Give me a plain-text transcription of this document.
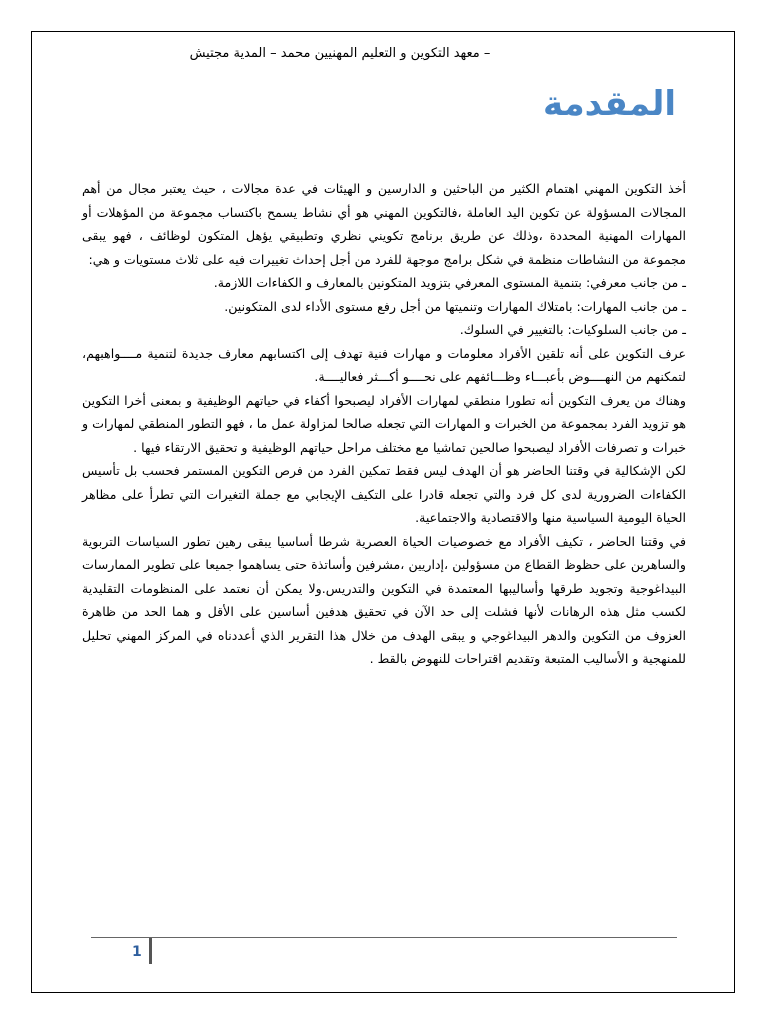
– معهد التكوين و التعليم المهنيين محمد – المدية مجتيش
المقدمة

أخذ التكوين المهني اهتمام الكثير من الباحثين و الدارسين و الهيئات في عدة مجالات ، حيث يعتبر مجال من أهم المجالات المسؤولة عن تكوين اليد العاملة ،فالتكوين المهني هو أي نشاط يسمح باكتساب مجموعة من المؤهلات أو المهارات المهنية المحددة ،وذلك عن طريق برنامج تكويني نظري وتطبيقي يؤهل المتكون لوظائف ، فهو يبقى مجموعة من النشاطات منظمة في شكل برامج موجهة للفرد من أجل إحداث تغييرات فيه على ثلاث مستويات و هي:

ـ من جانب معرفي: بتنمية المستوى المعرفي بتزويد المتكونين بالمعارف و الكفاءات اللازمة.

ـ من جانب المهارات: بامتلاك المهارات وتنميتها من أجل رفع مستوى الأداء لدى المتكونين.

ـ من جانب السلوكيات: بالتغيير في السلوك.

عرف التكوين على أنه تلقين الأفراد معلومات و مهارات فنية تهدف إلى اكتسابهم معارف جديدة لتنمية مــــواهبهم، لتمكنهم من النهــــوض بأعبـــاء وظـــائفهم على نحــــو أكـــثر فعاليــــة.

وهناك من يعرف التكوين أنه تطورا منطقي لمهارات الأفراد ليصبحوا أكفاء في حياتهم الوظيفية و بمعنى أخرا التكوين هو تزويد الفرد بمجموعة من الخبرات و المهارات التي تجعله صالحا لمزاولة عمل ما ، فهو التطور المنطقي لمهارات و خبرات و تصرفات الأفراد ليصبحوا صالحين تماشيا مع مختلف مراحل حياتهم الوظيفية و تحقيق الارتقاء فيها .

لكن الإشكالية في وقتنا الحاضر هو أن الهدف ليس فقط تمكين الفرد من فرص التكوين المستمر فحسب بل تأسيس الكفاءات الضرورية لدى كل فرد والتي تجعله قادرا على التكيف الإيجابي مع جملة التغيرات التي تطرأ على مظاهر الحياة اليومية السياسية منها والاقتصادية والاجتماعية.

في وقتنا الحاضر ، تكيف الأفراد مع خصوصيات الحياة العصرية شرطا أساسيا يبقى رهين تطور السياسات التربوية والساهرين على حظوظ القطاع من مسؤولين ،إداريين ،مشرفين وأساتذة حتى يساهموا جميعا على تطوير الممارسات البيداغوجية وتجويد طرقها وأساليبها المعتمدة في التكوين والتدريس.ولا يمكن أن نعتمد على المنظومات التقليدية لكسب مثل هذه الرهانات لأنها فشلت إلى حد الآن في تحقيق هدفين أساسين على الأقل و هما الحد من ظاهرة العزوف من التكوين والدهر البيداغوجي و يبقى الهدف من خلال هذا التقرير الذي أعددناه في المركز المهني تحليل للمنهجية و الأساليب المتبعة وتقديم اقتراحات للنهوض بالقط .

1
